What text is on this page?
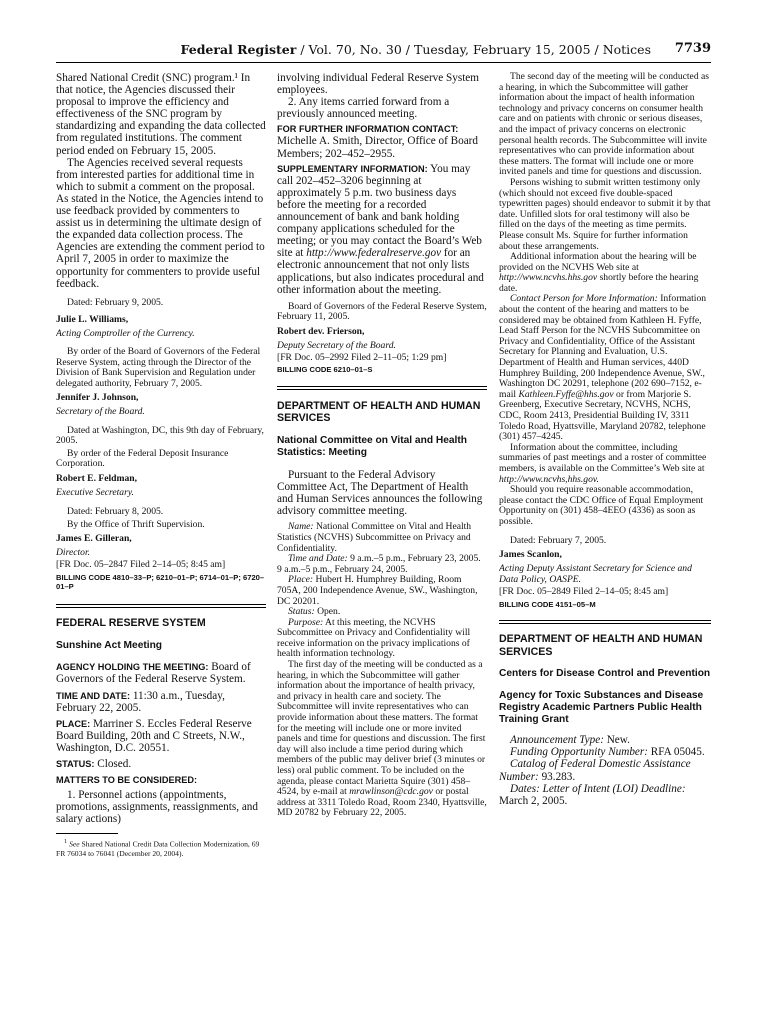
Federal Register / Vol. 70, No. 30 / Tuesday, February 15, 2005 / Notices 7739

Shared National Credit (SNC) program.¹ In that notice, the Agencies discussed their proposal to improve the efficiency and effectiveness of the SNC program by standardizing and expanding the data collected from regulated institutions. The comment period ended on February 15, 2005.

The Agencies received several requests from interested parties for additional time in which to submit a comment on the proposal. As stated in the Notice, the Agencies intend to use feedback provided by commenters to assist us in determining the ultimate design of the expanded data collection process. The Agencies are extending the comment period to April 7, 2005 in order to maximize the opportunity for commenters to provide useful feedback.

Dated: February 9, 2005.

Julie L. Williams,

Acting Comptroller of the Currency.

By order of the Board of Governors of the Federal Reserve System, acting through the Director of the Division of Bank Supervision and Regulation under delegated authority, February 7, 2005.

Jennifer J. Johnson,

Secretary of the Board.

Dated at Washington, DC, this 9th day of February, 2005.

By order of the Federal Deposit Insurance Corporation.

Robert E. Feldman,

Executive Secretary.

Dated: February 8, 2005.

By the Office of Thrift Supervision.

James E. Gilleran,

Director.

[FR Doc. 05–2847 Filed 2–14–05; 8:45 am]

BILLING CODE 4810–33–P; 6210–01–P; 6714–01–P; 6720–01–P

FEDERAL RESERVE SYSTEM

Sunshine Act Meeting

AGENCY HOLDING THE MEETING: Board of Governors of the Federal Reserve System.

TIME AND DATE: 11:30 a.m., Tuesday, February 22, 2005.

PLACE: Marriner S. Eccles Federal Reserve Board Building, 20th and C Streets, N.W., Washington, D.C. 20551.

STATUS: Closed.

MATTERS TO BE CONSIDERED:

1. Personnel actions (appointments, promotions, assignments, reassignments, and salary actions)

$^1$ See Shared National Credit Data Collection Modernization, 69 FR 76034 to 76041 (December 20, 2004).

involving individual Federal Reserve System employees.

2. Any items carried forward from a previously announced meeting.

FOR FURTHER INFORMATION CONTACT: Michelle A. Smith, Director, Office of Board Members; 202–452–2955.

SUPPLEMENTARY INFORMATION: You may call 202–452–3206 beginning at approximately 5 p.m. two business days before the meeting for a recorded announcement of bank and bank holding company applications scheduled for the meeting; or you may contact the Board’s Web site at http://www.federalreserve.gov for an electronic announcement that not only lists applications, but also indicates procedural and other information about the meeting.

Board of Governors of the Federal Reserve System, February 11, 2005.

Robert dev. Frierson,

Deputy Secretary of the Board.

[FR Doc. 05–2992 Filed 2–11–05; 1:29 pm]

BILLING CODE 6210–01–S

DEPARTMENT OF HEALTH AND HUMAN SERVICES

National Committee on Vital and Health Statistics: Meeting

Pursuant to the Federal Advisory Committee Act, The Department of Health and Human Services announces the following advisory committee meeting.

Name: National Committee on Vital and Health Statistics (NCVHS) Subcommittee on Privacy and Confidentiality.

Time and Date: 9 a.m.–5 p.m., February 23, 2005. 9 a.m.–5 p.m., February 24, 2005.

Place: Hubert H. Humphrey Building, Room 705A, 200 Independence Avenue, SW., Washington, DC 20201.

Status: Open.

Purpose: At this meeting, the NCVHS Subcommittee on Privacy and Confidentiality will receive information on the privacy implications of health information technology.

The first day of the meeting will be conducted as a hearing, in which the Subcommittee will gather information about the importance of health privacy, and privacy in health care and society. The Subcommittee will invite representatives who can provide information about these matters. The format for the meeting will include one or more invited panels and time for questions and discussion. The first day will also include a time period during which members of the public may deliver brief (3 minutes or less) oral public comment. To be included on the agenda, please contact Marietta Squire (301) 458–4524, by e-mail at mrawlinson@cdc.gov or postal address at 3311 Toledo Road, Room 2340, Hyattsville, MD 20782 by February 22, 2005.

The second day of the meeting will be conducted as a hearing, in which the Subcommittee will gather information about the impact of health information technology and privacy concerns on consumer health care and on patients with chronic or serious diseases, and the impact of privacy concerns on electronic personal health records. The Subcommittee will invite representatives who can provide information about these matters. The format will include one or more invited panels and time for questions and discussion.

Persons wishing to submit written testimony only (which should not exceed five double-spaced typewritten pages) should endeavor to submit it by that date. Unfilled slots for oral testimony will also be filled on the days of the meeting as time permits. Please consult Ms. Squire for further information about these arrangements.

Additional information about the hearing will be provided on the NCVHS Web site at http://www.ncvhs.hhs.gov shortly before the hearing date.

Contact Person for More Information: Information about the content of the hearing and matters to be considered may be obtained from Kathleen H. Fyffe, Lead Staff Person for the NCVHS Subcommittee on Privacy and Confidentiality, Office of the Assistant Secretary for Planning and Evaluation, U.S. Department of Health and Human services, 440D Humphrey Building, 200 Independence Avenue, SW., Washington DC 20291, telephone (202 690–7152, e-mail Kathleen.Fyffe@hhs.gov or from Marjorie S. Greenberg, Executive Secretary, NCVHS, NCHS, CDC, Room 2413, Presidential Building IV, 3311 Toledo Road, Hyattsville, Maryland 20782, telephone (301) 457–4245.

Information about the committee, including summaries of past meetings and a roster of committee members, is available on the Committee’s Web site at http://www.ncvhs,hhs.gov.

Should you require reasonable accommodation, please contact the CDC Office of Equal Employment Opportunity on (301) 458–4EEO (4336) as soon as possible.

Dated: February 7, 2005.

James Scanlon,

Acting Deputy Assistant Secretary for Science and Data Policy, OASPE.

[FR Doc. 05–2849 Filed 2–14–05; 8:45 am]

BILLING CODE 4151–05–M

DEPARTMENT OF HEALTH AND HUMAN SERVICES

Centers for Disease Control and Prevention

Agency for Toxic Substances and Disease Registry Academic Partners Public Health Training Grant

Announcement Type: New.

Funding Opportunity Number: RFA 05045.

Catalog of Federal Domestic Assistance Number: 93.283.

Dates: Letter of Intent (LOI) Deadline: March 2, 2005.
